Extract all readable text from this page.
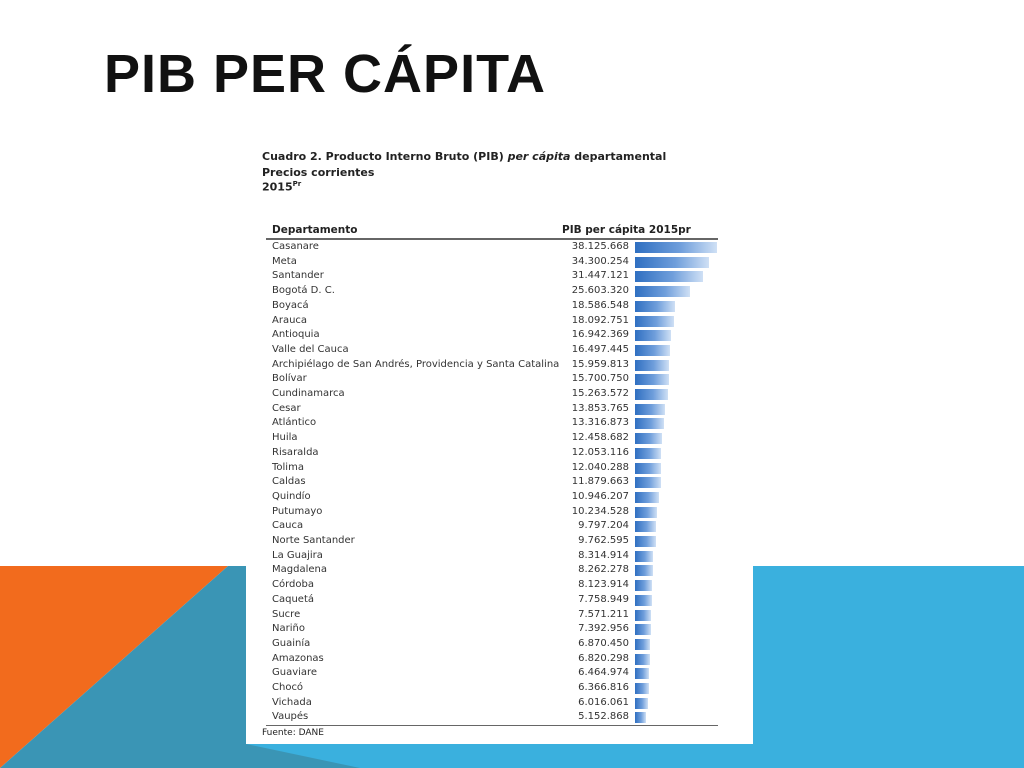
PIB PER CÁPITA
Cuadro 2. Producto Interno Bruto (PIB) per cápita departamental
Precios corrientes
$2015^{Pr}$
Departamento	PIB per cápita 2015pr
Casanare	38.125.668
Meta	34.300.254
Santander	31.447.121
Bogotá D. C.	25.603.320
Boyacá	18.586.548
Arauca	18.092.751
Antioquia	16.942.369
Valle del Cauca	16.497.445
Archipiélago de San Andrés, Providencia y Santa Catalina	15.959.813
Bolívar	15.700.750
Cundinamarca	15.263.572
Cesar	13.853.765
Atlántico	13.316.873
Huila	12.458.682
Risaralda	12.053.116
Tolima	12.040.288
Caldas	11.879.663
Quindío	10.946.207
Putumayo	10.234.528
Cauca	9.797.204
Norte Santander	9.762.595
La Guajira	8.314.914
Magdalena	8.262.278
Córdoba	8.123.914
Caquetá	7.758.949
Sucre	7.571.211
Nariño	7.392.956
Guainía	6.870.450
Amazonas	6.820.298
Guaviare	6.464.974
Chocó	6.366.816
Vichada	6.016.061
Vaupés	5.152.868
Fuente: DANE
